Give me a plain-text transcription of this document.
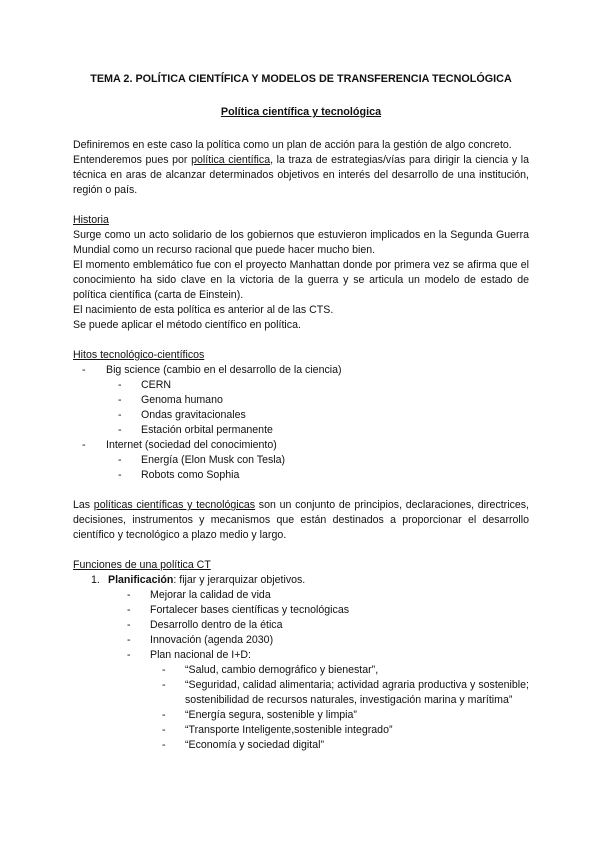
TEMA 2. POLÍTICA CIENTÍFICA Y MODELOS DE TRANSFERENCIA TECNOLÓGICA

Política científica y tecnológica

Definiremos en este caso la política como un plan de acción para la gestión de algo concreto.

Entenderemos pues por política científica, la traza de estrategias/vías para dirigir la ciencia y la técnica en aras de alcanzar determinados objetivos en interés del desarrollo de una institución, región o país.

Historia

Surge como un acto solidario de los gobiernos que estuvieron implicados en la Segunda Guerra Mundial como un recurso racional que puede hacer mucho bien.

El momento emblemático fue con el proyecto Manhattan donde por primera vez se afirma que el conocimiento ha sido clave en la victoria de la guerra y se articula un modelo de estado de política científica (carta de Einstein).

El nacimiento de esta política es anterior al de las CTS.

Se puede aplicar el método científico en política.

Hitos tecnológico-científicos

- Big science (cambio en el desarrollo de la ciencia)
- CERN
- Genoma humano
- Ondas gravitacionales
- Estación orbital permanente
- Internet (sociedad del conocimiento)
- Energía (Elon Musk con Tesla)
- Robots como Sophia

Las políticas científicas y tecnológicas son un conjunto de principios, declaraciones, directrices, decisiones, instrumentos y mecanismos que están destinados a proporcionar el desarrollo científico y tecnológico a plazo medio y largo.

Funciones de una política CT

1. Planificación: fijar y jerarquizar objetivos.
- Mejorar la calidad de vida
- Fortalecer bases científicas y tecnológicas
- Desarrollo dentro de la ética
- Innovación (agenda 2030)
- Plan nacional de I+D:
- “Salud, cambio demográfico y bienestar”,
- “Seguridad, calidad alimentaria; actividad agraria productiva y sostenible; sostenibilidad de recursos naturales, investigación marina y marítima”
- “Energía segura, sostenible y limpia”
- “Transporte Inteligente,sostenible integrado”
- “Economía y sociedad digital”
